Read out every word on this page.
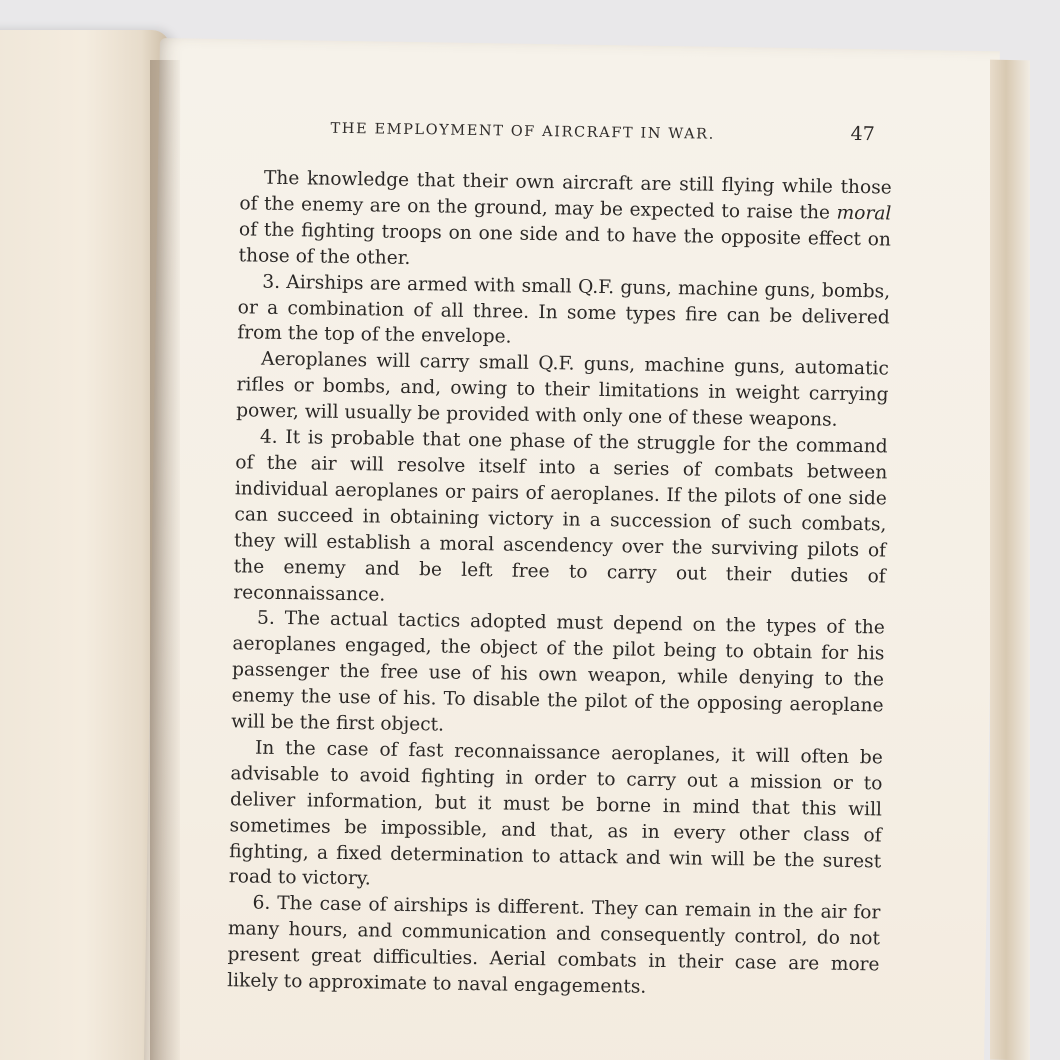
THE EMPLOYMENT OF AIRCRAFT IN WAR.	47

The knowledge that their own aircraft are still flying while those of the enemy are on the ground, may be expected to raise the moral of the fighting troops on one side and to have the opposite effect on those of the other.

3. Airships are armed with small Q.F. guns, machine guns, bombs, or a combination of all three. In some types fire can be delivered from the top of the envelope.

Aeroplanes will carry small Q.F. guns, machine guns, automatic rifles or bombs, and, owing to their limitations in weight carrying power, will usually be provided with only one of these weapons.

4. It is probable that one phase of the struggle for the command of the air will resolve itself into a series of combats between individual aeroplanes or pairs of aeroplanes. If the pilots of one side can succeed in obtaining victory in a succession of such combats, they will establish a moral ascendency over the surviving pilots of the enemy and be left free to carry out their duties of reconnaissance.

5. The actual tactics adopted must depend on the types of the aeroplanes engaged, the object of the pilot being to obtain for his passenger the free use of his own weapon, while denying to the enemy the use of his. To disable the pilot of the opposing aeroplane will be the first object.

In the case of fast reconnaissance aeroplanes, it will often be advisable to avoid fighting in order to carry out a mission or to deliver information, but it must be borne in mind that this will sometimes be impossible, and that, as in every other class of fighting, a fixed determination to attack and win will be the surest road to victory.

6. The case of airships is different. They can remain in the air for many hours, and communication and consequently control, do not present great difficulties. Aerial combats in their case are more likely to approximate to naval engagements.
